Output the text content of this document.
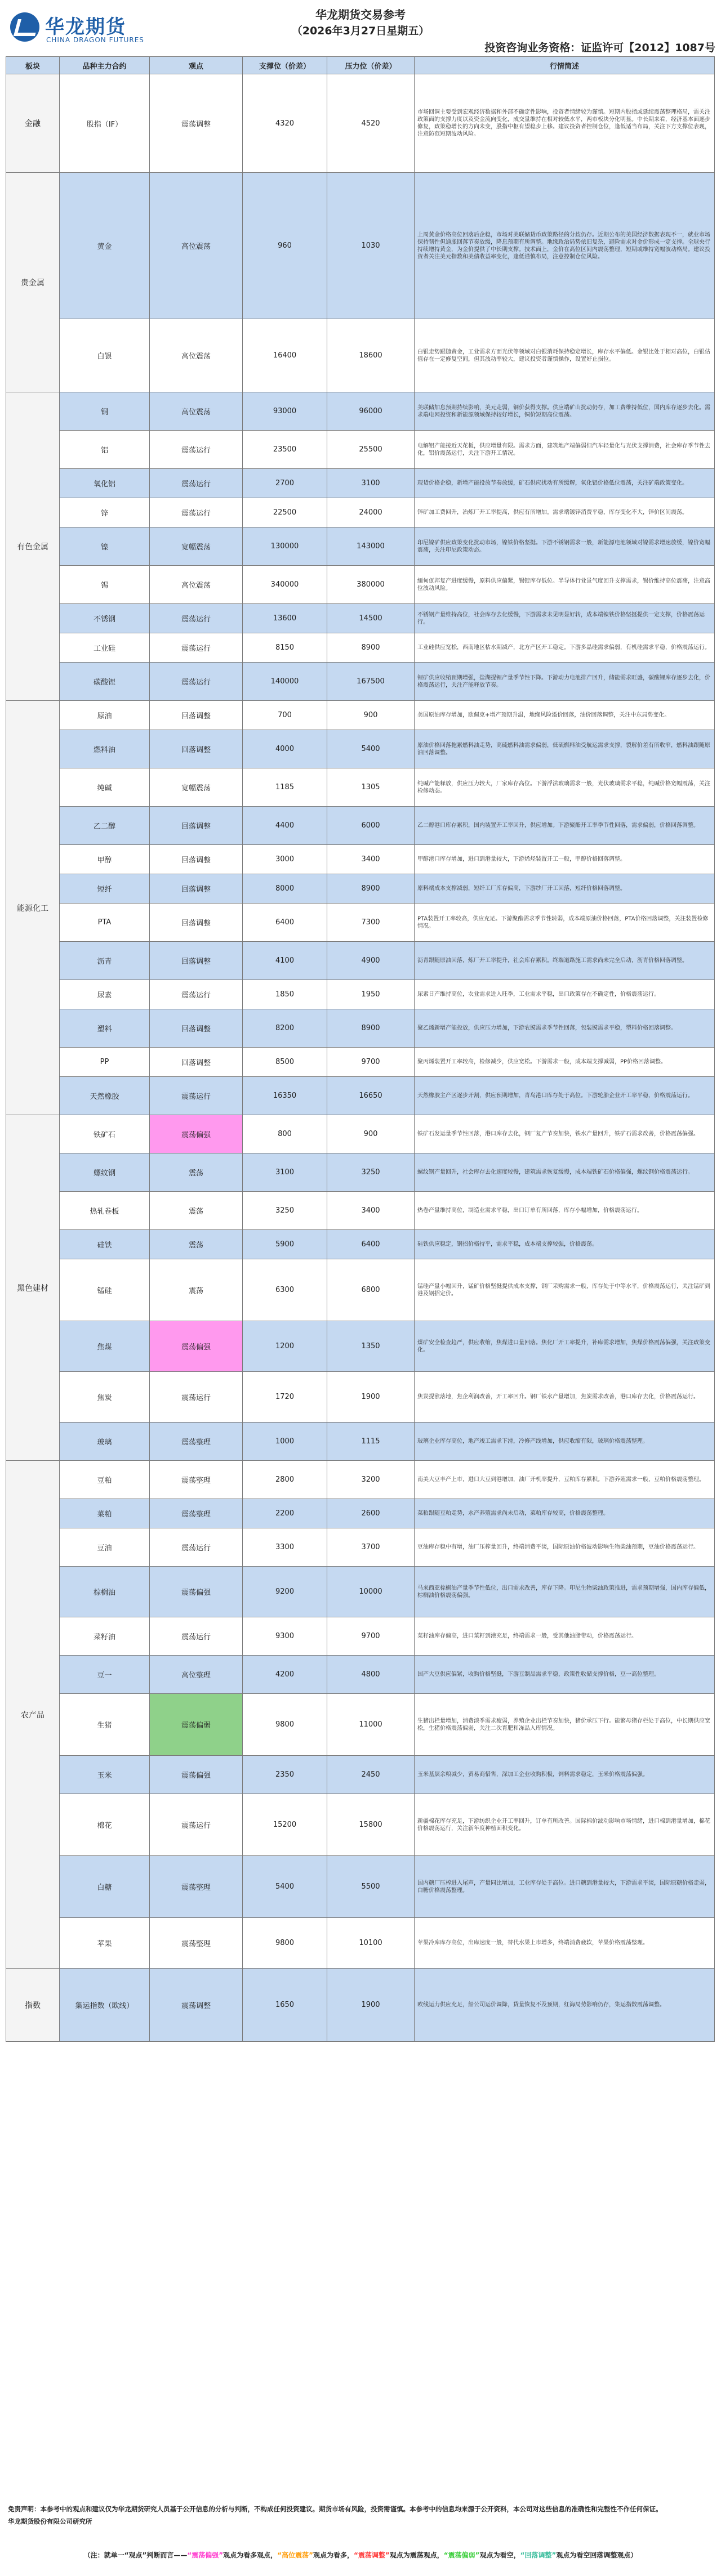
华龙期货
CHINA DRAGON FUTURES
华龙期货交易参考
（2026年3月27日星期五）
投资咨询业务资格：证监许可【2012】1087号
板块	品种主力合约	观点	支撑位（价差）	压力位（价差）	行情简述
金融	股指（IF）	震荡调整	4320	4520	市场回调主要受到宏观经济数据和外部不确定性影响，投资者情绪较为谨慎。短期内股指或延续震荡整理格局，需关注政策面的支撑力度以及资金流向变化，成交量维持在相对较低水平，两市板块分化明显。中长期来看，经济基本面逐步修复，政策稳增长的方向未变，股指中枢有望稳步上移。建议投资者控制仓位，逢低适当布局，关注下方支撑位表现，注意防范短期波动风险。
贵金属	黄金	高位震荡	960	1030	上周黄金价格高位回落后企稳，市场对美联储货币政策路径的分歧仍存。近期公布的美国经济数据表现不一，就业市场保持韧性但通胀回落节奏放缓，降息预期有所调整。地缘政治局势依旧复杂，避险需求对金价形成一定支撑。全球央行持续增持黄金，为金价提供了中长期支撑。技术面上，金价在高位区间内震荡整理，短期或维持宽幅波动格局。建议投资者关注美元指数和美债收益率变化，逢低谨慎布局，注意控制仓位风险。
	白银	高位震荡	16400	18600	白银走势跟随黄金，工业需求方面光伏等领域对白银消耗保持稳定增长，库存水平偏低。金银比处于相对高位，白银估值存在一定修复空间，但其波动率较大，建议投资者谨慎操作，设置好止损位。
有色金属	铜	高位震荡	93000	96000	美联储加息预期持续影响，美元走弱，铜价获得支撑。供应端矿山扰动仍存，加工费维持低位，国内库存逐步去化。需求端电网投资和新能源领域保持较好增长，铜价短期高位震荡。
	铝	震荡运行	23500	25500	电解铝产能接近天花板，供应增量有限。需求方面，建筑地产端偏弱但汽车轻量化与光伏支撑消费，社会库存季节性去化，铝价震荡运行，关注下游开工情况。
	氧化铝	震荡运行	2700	3100	现货价格企稳，新增产能投放节奏放缓，矿石供应扰动有所缓解，氧化铝价格低位震荡，关注矿端政策变化。
	锌	震荡运行	22500	24000	锌矿加工费回升，冶炼厂开工率提高，供应有所增加。需求端镀锌消费平稳，库存变化不大，锌价区间震荡。
	镍	宽幅震荡	130000	143000	印尼镍矿供应政策变化扰动市场，镍铁价格坚挺。下游不锈钢需求一般，新能源电池领域对镍需求增速放缓，镍价宽幅震荡，关注印尼政策动态。
	锡	高位震荡	340000	380000	缅甸佤邦复产进度缓慢，原料供应偏紧，锡锭库存低位。半导体行业景气度回升支撑需求，锡价维持高位震荡，注意高位波动风险。
	不锈钢	震荡运行	13600	14500	不锈钢产量维持高位，社会库存去化缓慢，下游需求未见明显好转，成本端镍铁价格坚挺提供一定支撑，价格震荡运行。
	工业硅	震荡运行	8150	8900	工业硅供应宽松，西南地区枯水期减产，北方产区开工稳定。下游多晶硅需求偏弱，有机硅需求平稳，价格震荡运行。
	碳酸锂	震荡运行	140000	167500	锂矿供应收缩预期增强，盐湖提锂产量季节性下降。下游动力电池排产回升，储能需求旺盛，碳酸锂库存逐步去化，价格震荡运行，关注产能释放节奏。
能源化工	原油	回落调整	700	900	美国原油库存增加，欧佩克+增产预期升温，地缘风险溢价回落，油价回落调整，关注中东局势变化。
	燃料油	回落调整	4000	5400	原油价格回落拖累燃料油走势，高硫燃料油需求偏弱，低硫燃料油受航运需求支撑，裂解价差有所收窄，燃料油跟随原油回落调整。
	纯碱	宽幅震荡	1185	1305	纯碱产能释放，供应压力较大，厂家库存高位。下游浮法玻璃需求一般，光伏玻璃需求平稳，纯碱价格宽幅震荡，关注检修动态。
	乙二醇	回落调整	4400	6000	乙二醇港口库存累积，国内装置开工率回升，供应增加。下游聚酯开工率季节性回落，需求偏弱，价格回落调整。
	甲醇	回落调整	3000	3400	甲醇港口库存增加，进口到港量较大，下游烯烃装置开工一般，甲醇价格回落调整。
	短纤	回落调整	8000	8900	原料端成本支撑减弱，短纤工厂库存偏高，下游纱厂开工回落，短纤价格回落调整。
	PTA	回落调整	6400	7300	PTA装置开工率较高，供应充足。下游聚酯需求季节性转弱，成本端原油价格回落，PTA价格回落调整，关注装置检修情况。
	沥青	回落调整	4100	4900	沥青跟随原油回落，炼厂开工率提升，社会库存累积。终端道路施工需求尚未完全启动，沥青价格回落调整。
	尿素	震荡运行	1850	1950	尿素日产维持高位，农业需求进入旺季，工业需求平稳，出口政策存在不确定性，价格震荡运行。
	塑料	回落调整	8200	8900	聚乙烯新增产能投放，供应压力增加，下游农膜需求季节性回落，包装膜需求平稳，塑料价格回落调整。
	PP	回落调整	8500	9700	聚丙烯装置开工率较高，检修减少，供应宽松。下游需求一般，成本端支撑减弱，PP价格回落调整。
	天然橡胶	震荡运行	16350	16650	天然橡胶主产区逐步开割，供应预期增加，青岛港口库存处于高位。下游轮胎企业开工率平稳，价格震荡运行。
黑色建材	铁矿石	震荡偏强	800	900	铁矿石发运量季节性回落，港口库存去化，钢厂复产节奏加快，铁水产量回升，铁矿石需求改善，价格震荡偏强。
	螺纹钢	震荡	3100	3250	螺纹钢产量回升，社会库存去化速度较慢，建筑需求恢复缓慢，成本端铁矿石价格偏强，螺纹钢价格震荡运行。
	热轧卷板	震荡	3250	3400	热卷产量维持高位，制造业需求平稳，出口订单有所回落，库存小幅增加，价格震荡运行。
	硅铁	震荡	5900	6400	硅铁供应稳定，钢招价格持平，需求平稳，成本端支撑较强，价格震荡。
	锰硅	震荡	6300	6800	锰硅产量小幅回升，锰矿价格坚挺提供成本支撑，钢厂采购需求一般，库存处于中等水平，价格震荡运行，关注锰矿到港及钢招定价。
	焦煤	震荡偏强	1200	1350	煤矿安全检查趋严，供应收缩，焦煤进口量回落。焦化厂开工率提升，补库需求增加，焦煤价格震荡偏强，关注政策变化。
	焦炭	震荡运行	1720	1900	焦炭提涨落地，焦企利润改善，开工率回升。钢厂铁水产量增加，焦炭需求改善，港口库存去化，价格震荡运行。
	玻璃	震荡整理	1000	1115	玻璃企业库存高位，地产竣工需求下滑，冷修产线增加，供应收缩有限，玻璃价格震荡整理。
农产品	豆粕	震荡整理	2800	3200	南美大豆丰产上市，进口大豆到港增加，油厂开机率提升，豆粕库存累积。下游养殖需求一般，豆粕价格震荡整理。
	菜粕	震荡整理	2200	2600	菜粕跟随豆粕走势，水产养殖需求尚未启动，菜粕库存较高，价格震荡整理。
	豆油	震荡运行	3300	3700	豆油库存稳中有增，油厂压榨量回升，终端消费平淡，国际原油价格波动影响生物柴油预期，豆油价格震荡运行。
	棕榈油	震荡偏强	9200	10000	马来西亚棕榈油产量季节性低位，出口需求改善，库存下降。印尼生物柴油政策推进，需求预期增强，国内库存偏低，棕榈油价格震荡偏强。
	菜籽油	震荡运行	9300	9700	菜籽油库存偏高，进口菜籽到港充足，终端需求一般，受其他油脂带动，价格震荡运行。
	豆一	高位整理	4200	4800	国产大豆供应偏紧，收购价格坚挺，下游豆制品需求平稳，政策性收储支撑价格，豆一高位整理。
	生猪	震荡偏弱	9800	11000	生猪出栏量增加，消费淡季需求疲弱，养殖企业出栏节奏加快，猪价承压下行。能繁母猪存栏处于高位，中长期供应宽松，生猪价格震荡偏弱，关注二次育肥和冻品入库情况。
	玉米	震荡偏强	2350	2450	玉米基层余粮减少，贸易商惜售，深加工企业收购积极，饲料需求稳定，玉米价格震荡偏强。
	棉花	震荡运行	15200	15800	新疆棉花库存充足，下游纺织企业开工率回升，订单有所改善。国际棉价波动影响市场情绪，进口棉到港量增加，棉花价格震荡运行，关注新年度种植面积变化。
	白糖	震荡整理	5400	5500	国内糖厂压榨进入尾声，产量同比增加，工业库存处于高位。进口糖到港量较大，下游需求平淡，国际原糖价格走弱，白糖价格震荡整理。
	苹果	震荡整理	9800	10100	苹果冷库库存高位，出库速度一般，替代水果上市增多，终端消费疲软，苹果价格震荡整理。
指数	集运指数（欧线）	震荡调整	1650	1900	欧线运力供应充足，船公司运价调降，货量恢复不及预期，红海局势影响仍存，集运指数震荡调整。
免责声明：本参考中的观点和建议仅为华龙期货研究人员基于公开信息的分析与判断，不构成任何投资建议。期货市场有风险，投资需谨慎。本参考中的信息均来源于公开资料，本公司对这些信息的准确性和完整性不作任何保证。
华龙期货股份有限公司研究所
（注：就单一“观点”判断而言——“震荡偏强”观点为看多观点，“高位震荡”观点为看多，“震荡调整”观点为震荡观点，“震荡偏弱”观点为看空，“回落调整”观点为看空回落调整观点）
